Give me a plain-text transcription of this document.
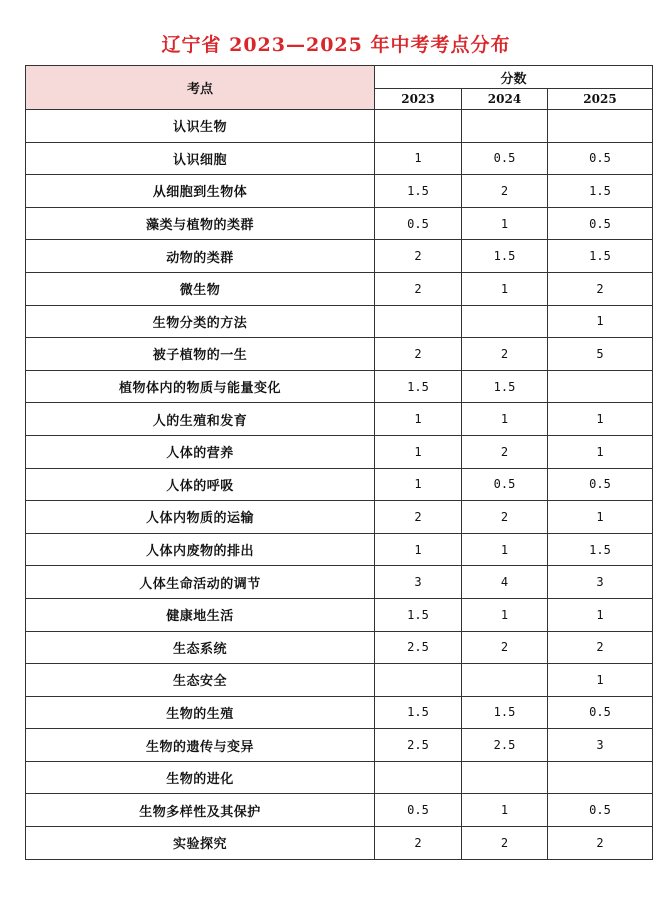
辽宁省 2023—2025 年中考考点分布
考点	分数		
	2023	2024	2025
认识生物			
认识细胞	1	0.5	0.5
从细胞到生物体	1.5	2	1.5
藻类与植物的类群	0.5	1	0.5
动物的类群	2	1.5	1.5
微生物	2	1	2
生物分类的方法			1
被子植物的一生	2	2	5
植物体内的物质与能量变化	1.5	1.5	
人的生殖和发育	1	1	1
人体的营养	1	2	1
人体的呼吸	1	0.5	0.5
人体内物质的运输	2	2	1
人体内废物的排出	1	1	1.5
人体生命活动的调节	3	4	3
健康地生活	1.5	1	1
生态系统	2.5	2	2
生态安全			1
生物的生殖	1.5	1.5	0.5
生物的遗传与变异	2.5	2.5	3
生物的进化			
生物多样性及其保护	0.5	1	0.5
实验探究	2	2	2
